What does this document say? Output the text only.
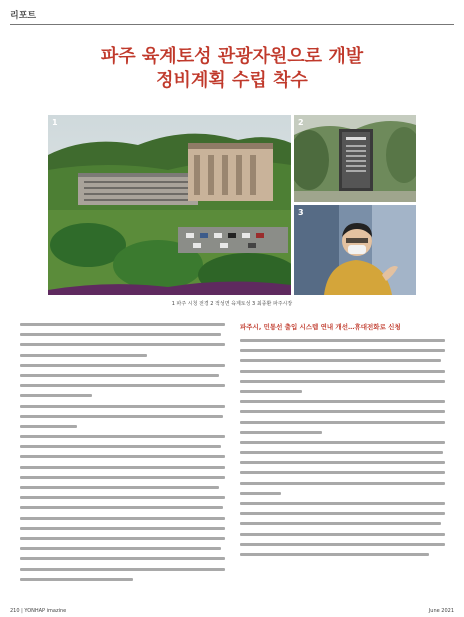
리포트
파주 육계토성 관광자원으로 개발
정비계획 수립 착수
1	2
3
1 파주 시청 전경 2 적성면 육계토성 3 최종환 파주시장
파주시, 민통선 출입 시스템 연내 개선…휴대전화로 신청
210 | YONHAP imazine	June 2021
